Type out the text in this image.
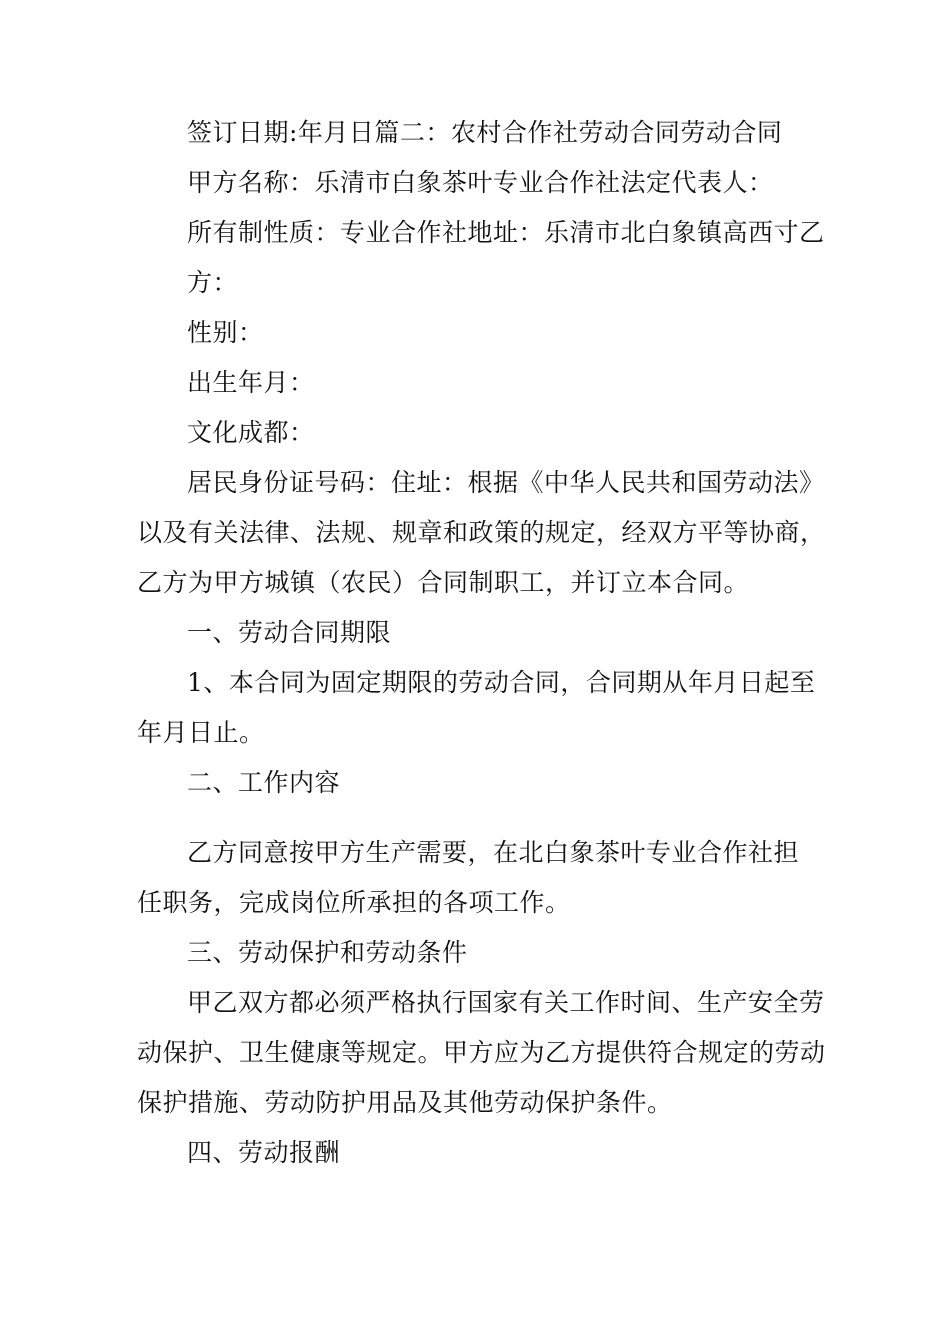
签订日期:年月日篇二：农村合作社劳动合同劳动合同
甲方名称：乐清市白象茶叶专业合作社法定代表人：
所有制性质：专业合作社地址：乐清市北白象镇高西寸乙
方：
性别：
出生年月：
文化成都：
居民身份证号码：住址：根据《中华人民共和国劳动法》
以及有关法律、法规、规章和政策的规定，经双方平等协商，
乙方为甲方城镇（农民）合同制职工，并订立本合同。
一、劳动合同期限
1、本合同为固定期限的劳动合同，合同期从年月日起至
年月日止。
二、工作内容
乙方同意按甲方生产需要，在北白象茶叶专业合作社担
任职务，完成岗位所承担的各项工作。
三、劳动保护和劳动条件
甲乙双方都必须严格执行国家有关工作时间、生产安全劳
动保护、卫生健康等规定。甲方应为乙方提供符合规定的劳动
保护措施、劳动防护用品及其他劳动保护条件。
四、劳动报酬
